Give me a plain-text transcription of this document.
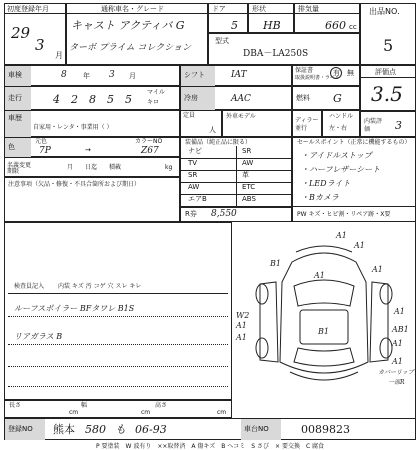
初度登録年月
29
3
月
通称車名・グレード
キャスト アクティバ G
ターボ プライム コレクション
ドア
5
形状
HB
排気量
660 cc
型式
DBA－LA250S
出品NO．
5
車検	8 年 3 月	シフト	IAT	保証書
取扱説明書・ラベル
有 無	評価点
3.5
走行	4 2 8 5 5
マイル
キロ
冷房	AAC	燃料 G
車歴
自家用・レンタ・事業用（ ）
定員
人
外車モデル
ディラー並行
ハンドル
左・右
内装評価	3
色
元色
7P	→
カラーNO
Z67
名義変更期限
月 日迄 積載	kg
装備品（純正品に限る）
ナビ	SR
TV	AW
SR	革
AW	ETC
エアB	ABS
R券 8,550
セールスポイント（正常に機能するもの）
・アイドルストップ
・ハーフレザーシート
・LEDライト
・Bカメラ
PW キズ・ヒビ割・リペア跡・X要
注意事項（欠品・修復・不具合箇所および期日）
検査員記入 内装 キズ 汚 コゲ 穴 スレ キレ
ルーフスポイラー BFタワレ B1S
リアガラス B
A1
A1
B1
A1
A1
W2
A1
A1
A1
AB1
A1
B1
A1
カバーリップ
一部R
長さ
cm
幅
cm
高さ
cm
登録NO	熊本 580 も 06-93	車台NO	0089823
P 要塗装　W 波有り　××取替済　A 傷キズ　B へコミ　S さび　× 要交換　C 腐食
